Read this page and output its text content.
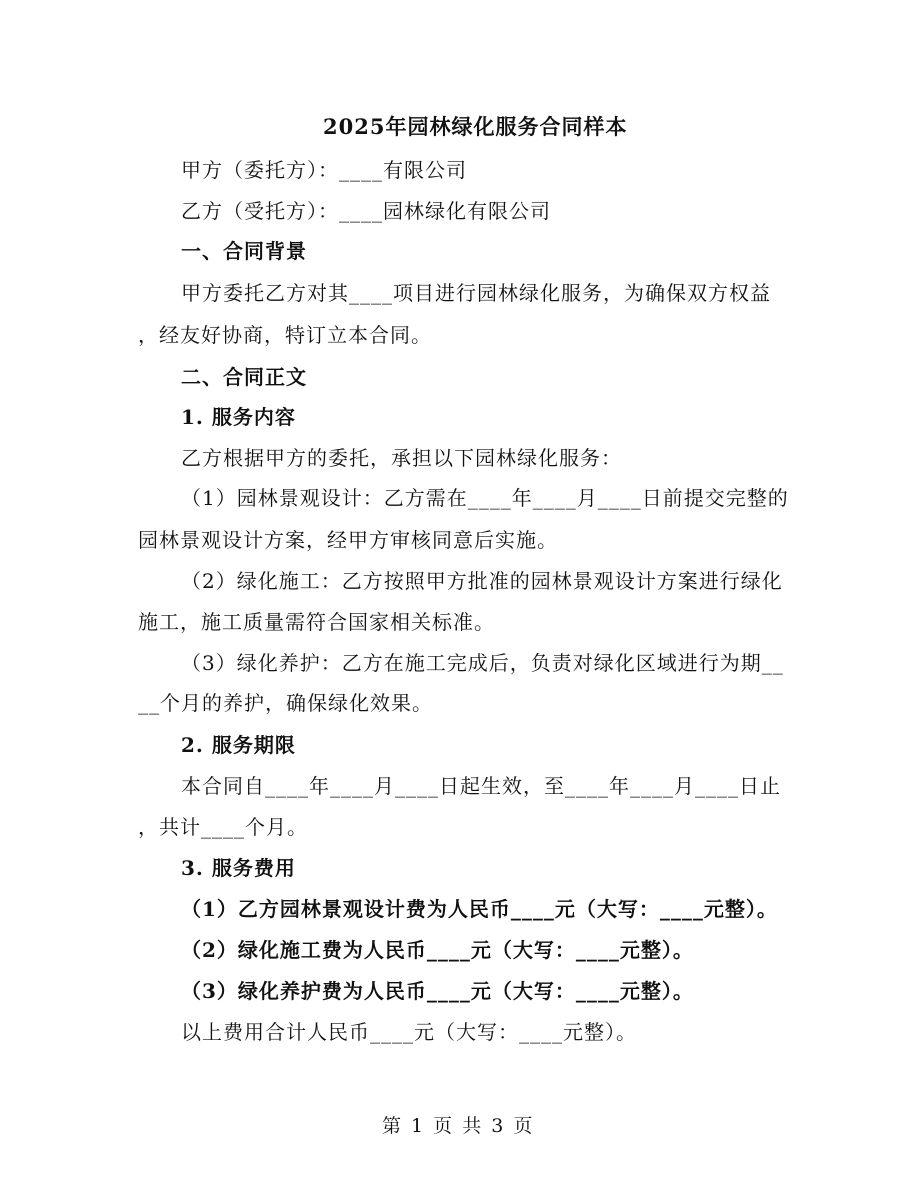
2025年园林绿化服务合同样本
甲方（委托方）：____有限公司
乙方（受托方）：____园林绿化有限公司
一、合同背景
甲方委托乙方对其____项目进行园林绿化服务，为确保双方权益
，经友好协商，特订立本合同。
二、合同正文
1. 服务内容
乙方根据甲方的委托，承担以下园林绿化服务：
（1）园林景观设计：乙方需在____年____月____日前提交完整的
园林景观设计方案，经甲方审核同意后实施。
（2）绿化施工：乙方按照甲方批准的园林景观设计方案进行绿化
施工，施工质量需符合国家相关标准。
（3）绿化养护：乙方在施工完成后，负责对绿化区域进行为期__
__个月的养护，确保绿化效果。
2. 服务期限
本合同自____年____月____日起生效，至____年____月____日止
，共计____个月。
3. 服务费用
（1）乙方园林景观设计费为人民币____元（大写：____元整）。
（2）绿化施工费为人民币____元（大写：____元整）。
（3）绿化养护费为人民币____元（大写：____元整）。
以上费用合计人民币____元（大写：____元整）。
第 1 页 共 3 页
